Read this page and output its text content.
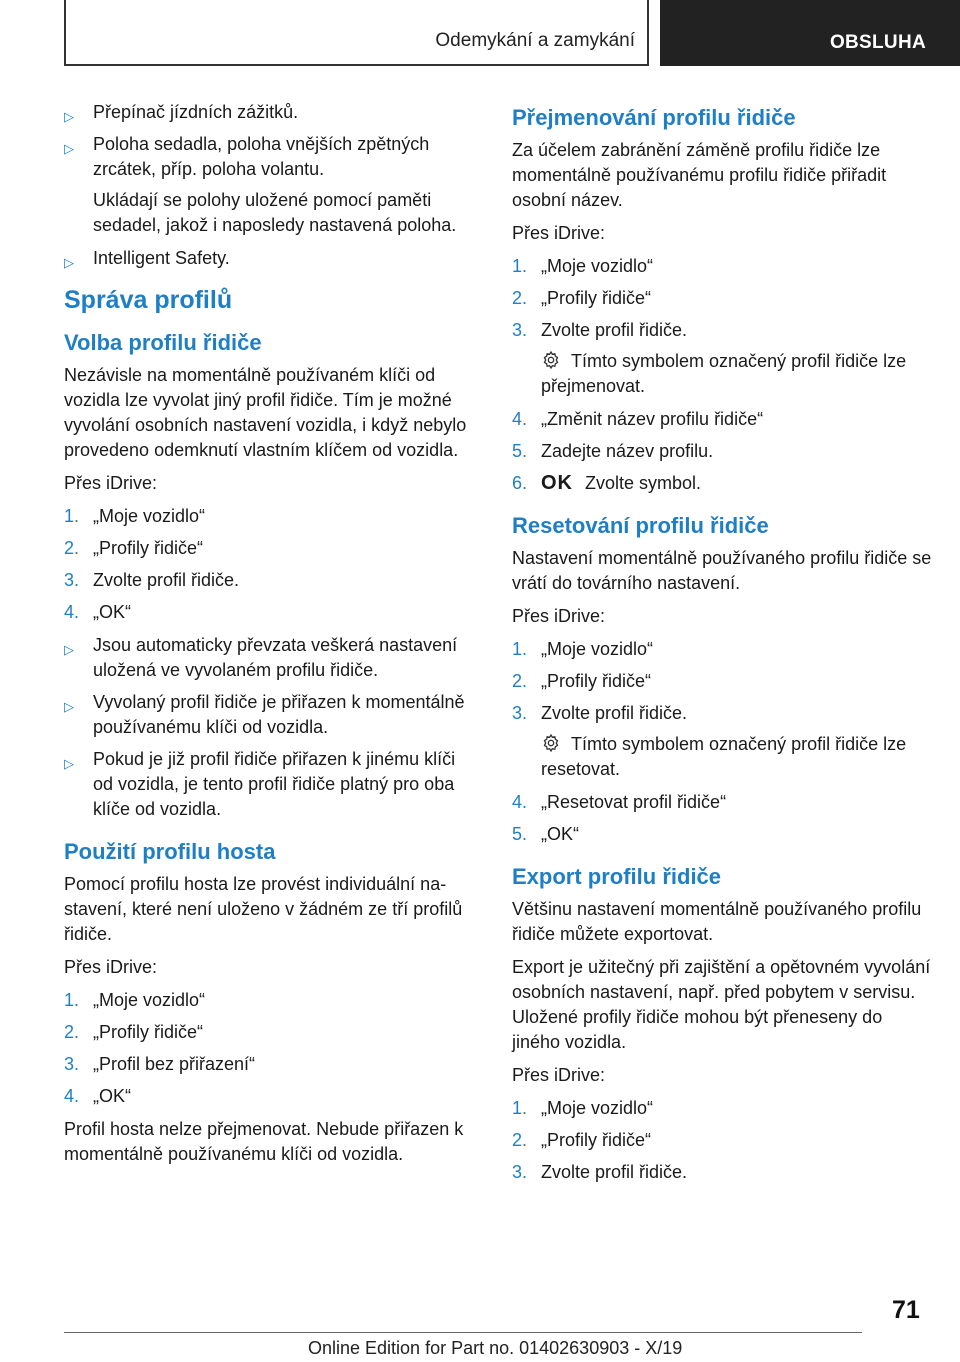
Odemykání a zamykání	OBSLUHA
▷ Přepínač jízdních zážitků.
▷ Poloha sedadla, poloha vnějších zpětných zrcátek, příp. poloha volantu.

Ukládají se polohy uložené pomocí paměti sedadel, jakož i naposledy nastavená poloha.

▷ Intelligent Safety.
Správa profilů
Volba profilu řidiče

Nezávisle na momentálně používaném klíči od vozidla lze vyvolat jiný profil řidiče. Tím je možné vyvolání osobních nastavení vozidla, i když nebylo provedeno odemknutí vlastním klíčem od vozidla.

Přes iDrive:

1. „Moje vozidlo“
2. „Profily řidiče“
3. Zvolte profil řidiče.
4. „OK“
▷ Jsou automaticky převzata veškerá nastavení uložená ve vyvolaném profilu řidiče.
▷ Vyvolaný profil řidiče je přiřazen k momentálně používanému klíči od vozidla.
▷ Pokud je již profil řidiče přiřazen k jinému klíči od vozidla, je tento profil řidiče platný pro oba klíče od vozidla.
Použití profilu hosta

Pomocí profilu hosta lze provést individuální nastavení, které není uloženo v žádném ze tří profilů řidiče.

Přes iDrive:

1. „Moje vozidlo“
2. „Profily řidiče“
3. „Profil bez přiřazení“
4. „OK“

Profil hosta nelze přejmenovat. Nebude přiřazen k momentálně používanému klíči od vozidla.

Přejmenování profilu řidiče

Za účelem zabránění záměně profilu řidiče lze momentálně používanému profilu řidiče přiřadit osobní název.

Přes iDrive:

1. „Moje vozidlo“
2. „Profily řidiče“
3. Zvolte profil řidiče.

Tímto symbolem označený profil řidiče lze přejmenovat.

4. „Změnit název profilu řidiče“
5. Zadejte název profilu.
6. OK Zvolte symbol.
Resetování profilu řidiče

Nastavení momentálně používaného profilu řidiče se vrátí do továrního nastavení.

Přes iDrive:

1. „Moje vozidlo“
2. „Profily řidiče“
3. Zvolte profil řidiče.

Tímto symbolem označený profil řidiče lze resetovat.

4. „Resetovat profil řidiče“
5. „OK“
Export profilu řidiče

Většinu nastavení momentálně používaného profilu řidiče můžete exportovat.

Export je užitečný při zajištění a opětovném vyvolání osobních nastavení, např. před pobytem v servisu. Uložené profily řidiče mohou být přeneseny do jiného vozidla.

Přes iDrive:

1. „Moje vozidlo“
2. „Profily řidiče“
3. Zvolte profil řidiče.
71
Online Edition for Part no. 01402630903 - X/19
